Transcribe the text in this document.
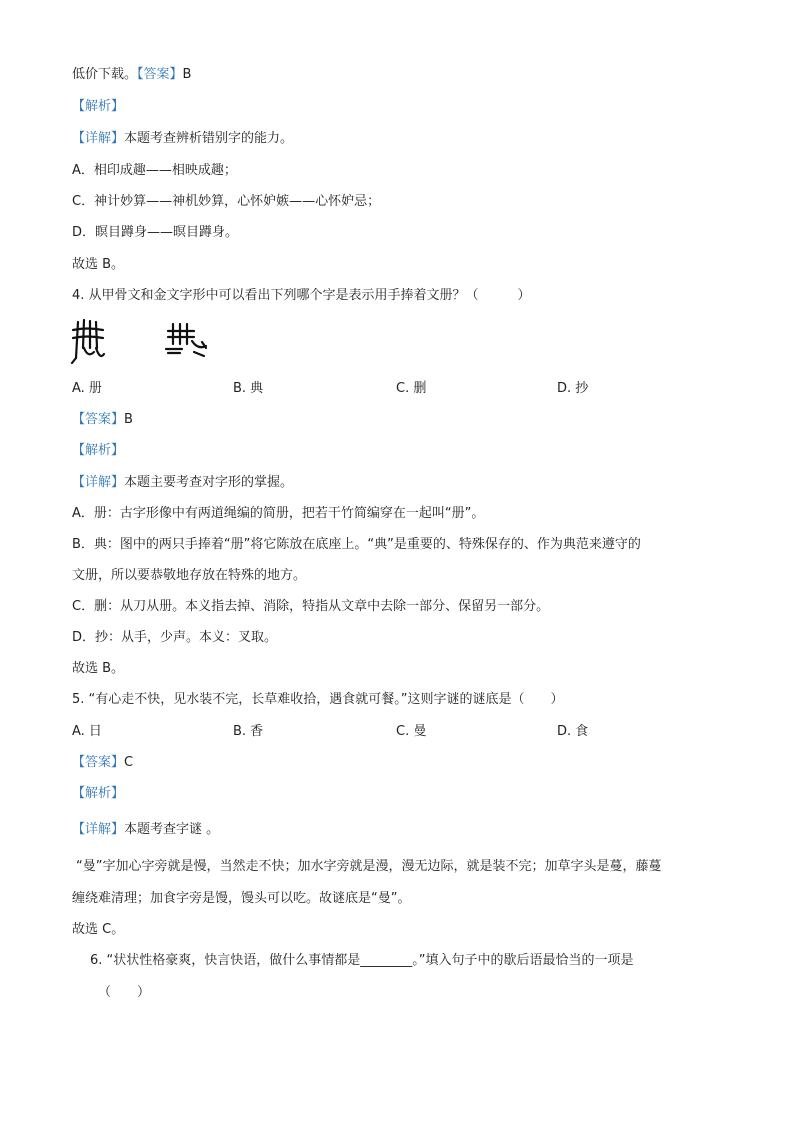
低价下载。【答案】B
【解析】
【详解】本题考查辨析错别字的能力。
A．相印成趣——相映成趣；
C．神计妙算——神机妙算，心怀妒嫉——心怀妒忌；
D．瞑目蹲身——暝目蹲身。
故选 B。
4. 从甲骨文和金文字形中可以看出下列哪个字是表示用手捧着文册？（　　　）
A. 册	B. 典	C. 删	D. 抄
【答案】B
【解析】
【详解】本题主要考查对字形的掌握。
A．册：古字形像中有两道绳编的简册，把若干竹简编穿在一起叫“册”。
B．典：图中的两只手捧着“册”将它陈放在底座上。“典”是重要的、特殊保存的、作为典范来遵守的
文册，所以要恭敬地存放在特殊的地方。
C．删：从刀从册。本义指去掉、消除，特指从文章中去除一部分、保留另一部分。
D．抄：从手，少声。本义：叉取。
故选 B。
5. “有心走不快，见水装不完，长草难收拾，遇食就可餐。”这则字谜的谜底是（　　）
A. 日	B. 香	C. 曼	D. 食
【答案】C
【解析】
【详解】本题考查字谜 。
“曼”字加心字旁就是慢，当然走不快；加水字旁就是漫，漫无边际，就是装不完；加草字头是蔓，藤蔓
缠绕难清理；加食字旁是馒，馒头可以吃。故谜底是“曼”。
故选 C。
6. “状状性格豪爽，快言快语，做什么事情都是________。”填入句子中的歇后语最恰当的一项是
（　　）
